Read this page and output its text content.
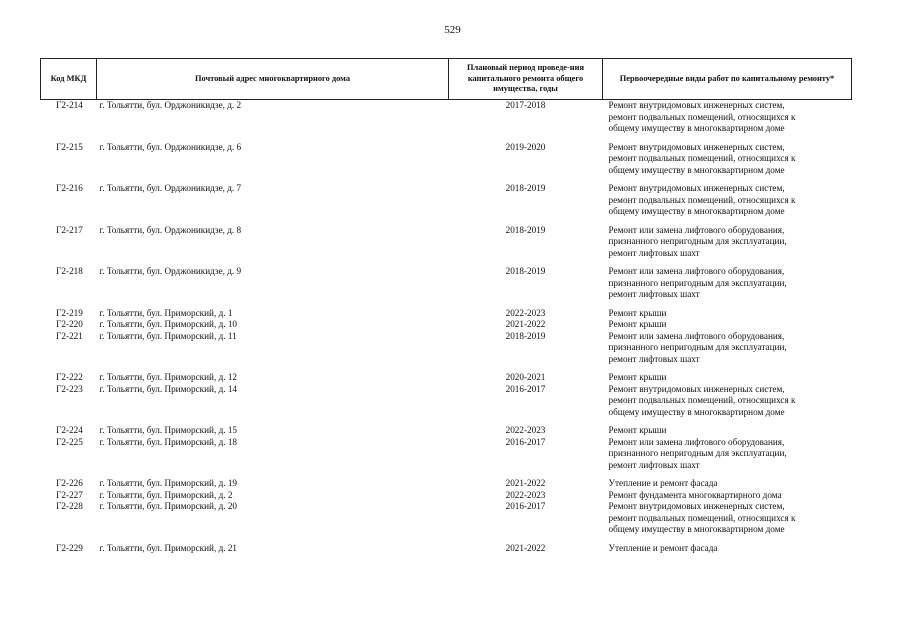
529
Код МКД	Почтовый адрес многоквартирного дома	Плановый период проведе-ния капитального ремонта общего имущества, годы	Первоочередные виды работ по капитальному ремонту*
Г2-214	г. Тольятти, бул. Орджоникидзе, д. 2	2017-2018	Ремонт внутридомовых инженерных систем,
ремонт подвальных помещений, относящихся к
общему имуществу в многоквартирном доме

Г2-215	г. Тольятти, бул. Орджоникидзе, д. 6	2019-2020	Ремонт внутридомовых инженерных систем,
ремонт подвальных помещений, относящихся к
общему имуществу в многоквартирном доме

Г2-216	г. Тольятти, бул. Орджоникидзе, д. 7	2018-2019	Ремонт внутридомовых инженерных систем,
ремонт подвальных помещений, относящихся к
общему имуществу в многоквартирном доме

Г2-217	г. Тольятти, бул. Орджоникидзе, д. 8	2018-2019	Ремонт или замена лифтового оборудования,
признанного непригодным для эксплуатации,
ремонт лифтовых шахт

Г2-218	г. Тольятти, бул. Орджоникидзе, д. 9	2018-2019	Ремонт или замена лифтового оборудования,
признанного непригодным для эксплуатации,
ремонт лифтовых шахт

Г2-219	г. Тольятти, бул. Приморский, д. 1	2022-2023	Ремонт крыши

Г2-220	г. Тольятти, бул. Приморский, д. 10	2021-2022	Ремонт крыши

Г2-221	г. Тольятти, бул. Приморский, д. 11	2018-2019	Ремонт или замена лифтового оборудования,
признанного непригодным для эксплуатации,
ремонт лифтовых шахт

Г2-222	г. Тольятти, бул. Приморский, д. 12	2020-2021	Ремонт крыши

Г2-223	г. Тольятти, бул. Приморский, д. 14	2016-2017	Ремонт внутридомовых инженерных систем,
ремонт подвальных помещений, относящихся к
общему имуществу в многоквартирном доме

Г2-224	г. Тольятти, бул. Приморский, д. 15	2022-2023	Ремонт крыши

Г2-225	г. Тольятти, бул. Приморский, д. 18	2016-2017	Ремонт или замена лифтового оборудования,
признанного непригодным для эксплуатации,
ремонт лифтовых шахт

Г2-226	г. Тольятти, бул. Приморский, д. 19	2021-2022	Утепление и ремонт фасада

Г2-227	г. Тольятти, бул. Приморский, д. 2	2022-2023	Ремонт фундамента многоквартирного дома

Г2-228	г. Тольятти, бул. Приморский, д. 20	2016-2017	Ремонт внутридомовых инженерных систем,
ремонт подвальных помещений, относящихся к
общему имуществу в многоквартирном доме

Г2-229	г. Тольятти, бул. Приморский, д. 21	2021-2022	Утепление и ремонт фасада
